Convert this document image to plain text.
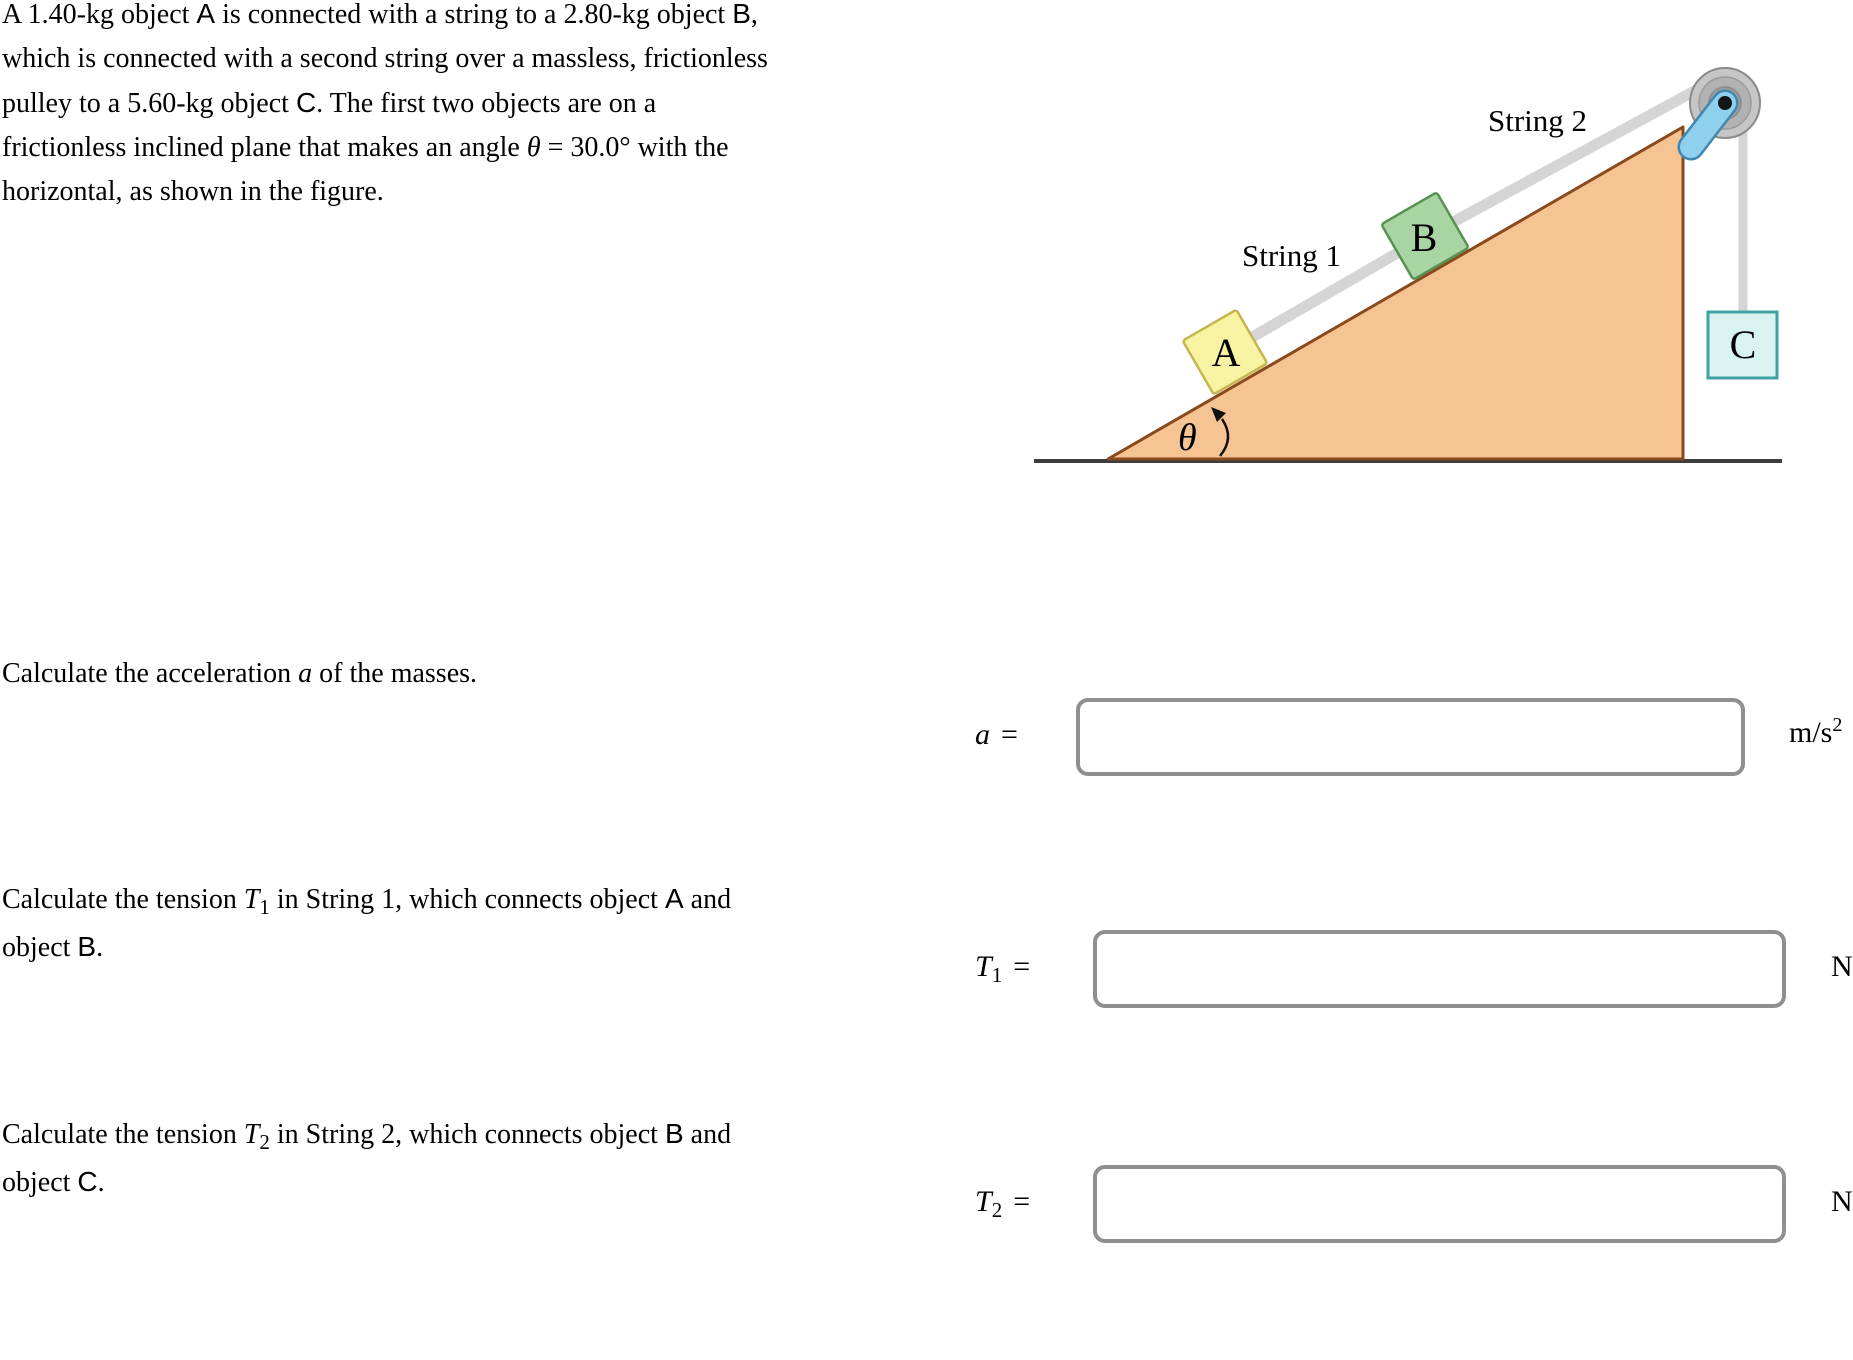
A 1.40-kg object A is connected with a string to a 2.80-kg object B, which is connected with a second string over a massless, frictionless pulley to a 5.60-kg object C. The first two objects are on a frictionless inclined plane that makes an angle θ = 30.0° with the horizontal, as shown in the figure.

θ
A
B
C
String 2
String 1
Calculate the acceleration a of the masses.
a =	$m/s^2$
Calculate the tension $T_1$ in String 1, which connects object A and object B.
$T_1$ =	N
Calculate the tension $T_2$ in String 2, which connects object B and object C.
$T_2$ =	N
